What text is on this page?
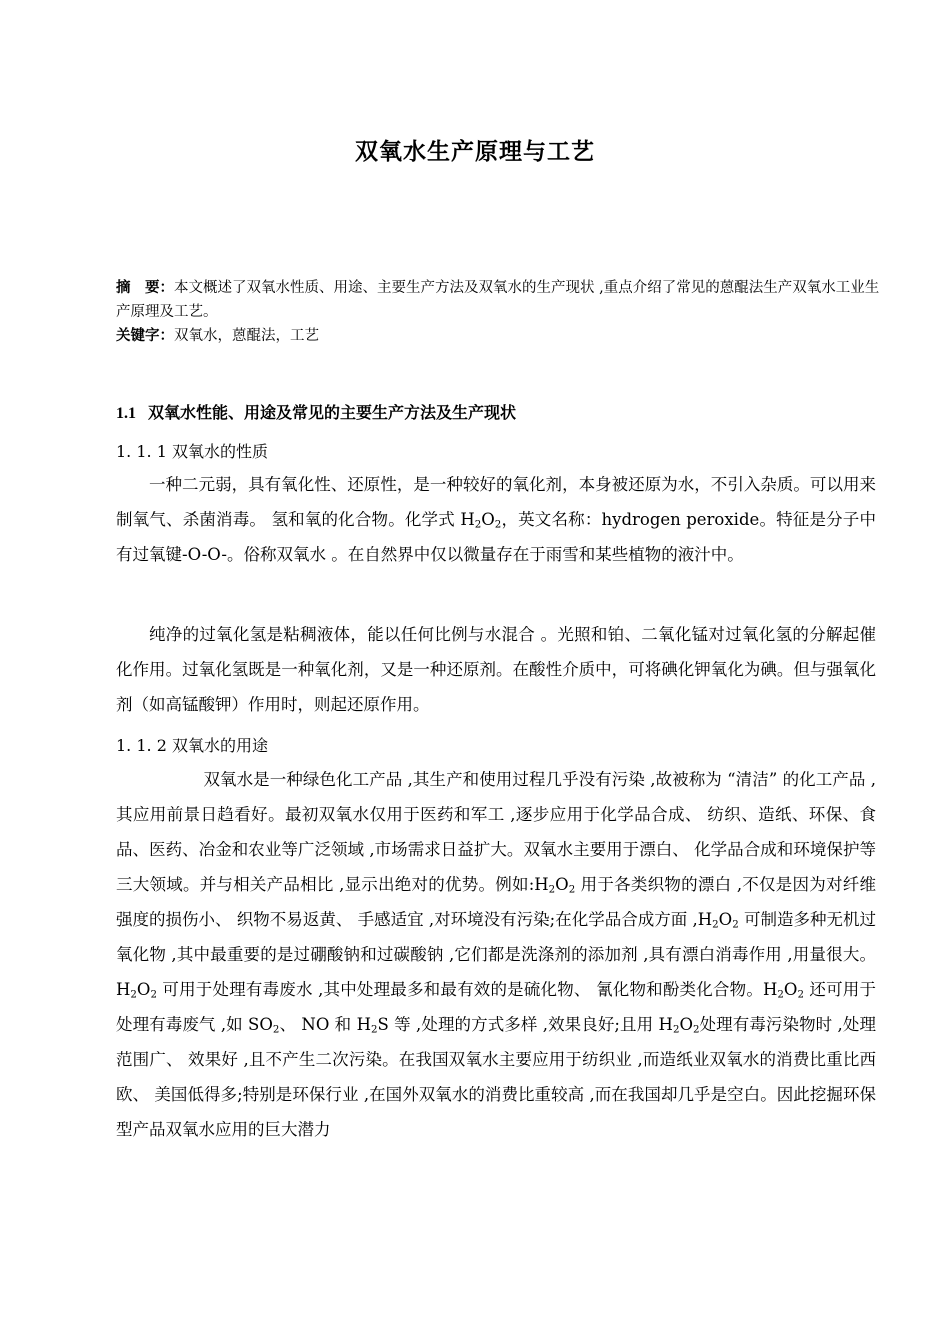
双氧水生产原理与工艺
摘　要：本文概述了双氧水性质、用途、主要生产方法及双氧水的生产现状 ,重点介绍了常见的蒽醌法生产双氧水工业生产原理及工艺。
关键字：双氧水，蒽醌法，工艺
1.1 双氧水性能、用途及常见的主要生产方法及生产现状
1. 1. 1 双氧水的性质

一种二元弱，具有氧化性、还原性，是一种较好的氧化剂，本身被还原为水，不引入杂质。可以用来制氧气、杀菌消毒。 氢和氧的化合物。化学式 $H_2O_2$，英文名称：hydrogen peroxide。特征是分子中有过氧键-O-O-。俗称双氧水 。在自然界中仅以微量存在于雨雪和某些植物的液汁中。

纯净的过氧化氢是粘稠液体，能以任何比例与水混合 。光照和铂、二氧化锰对过氧化氢的分解起催化作用。过氧化氢既是一种氧化剂，又是一种还原剂。在酸性介质中，可将碘化钾氧化为碘。但与强氧化剂（如高锰酸钾）作用时，则起还原作用。

1. 1. 2 双氧水的用途

双氧水是一种绿色化工产品 ,其生产和使用过程几乎没有污染 ,故被称为 “清洁” 的化工产品 ,其应用前景日趋看好。最初双氧水仅用于医药和军工 ,逐步应用于化学品合成、 纺织、造纸、环保、食品、医药、冶金和农业等广泛领域 ,市场需求日益扩大。双氧水主要用于漂白、 化学品合成和环境保护等三大领域。并与相关产品相比 ,显示出绝对的优势。例如$:H_2O_2$ 用于各类织物的漂白 ,不仅是因为对纤维强度的损伤小、 织物不易返黄、 手感适宜 ,对环境没有污染;在化学品合成方面 $,H_2O_2$ 可制造多种无机过氧化物 ,其中最重要的是过硼酸钠和过碳酸钠 ,它们都是洗涤剂的添加剂 ,具有漂白消毒作用 ,用量很大。$H_2O_2$ 可用于处理有毒废水 ,其中处理最多和最有效的是硫化物、 氰化物和酚类化合物。$H_2O_2$ 还可用于处理有毒废气 ,如 $SO_2$、 NO 和 $H_2S$ 等 ,处理的方式多样 ,效果良好;且用 $H_2O_2$处理有毒污染物时 ,处理范围广、 效果好 ,且不产生二次污染。在我国双氧水主要应用于纺织业 ,而造纸业双氧水的消费比重比西欧、 美国低得多;特别是环保行业 ,在国外双氧水的消费比重较高 ,而在我国却几乎是空白。因此挖掘环保型产品双氧水应用的巨大潜力
